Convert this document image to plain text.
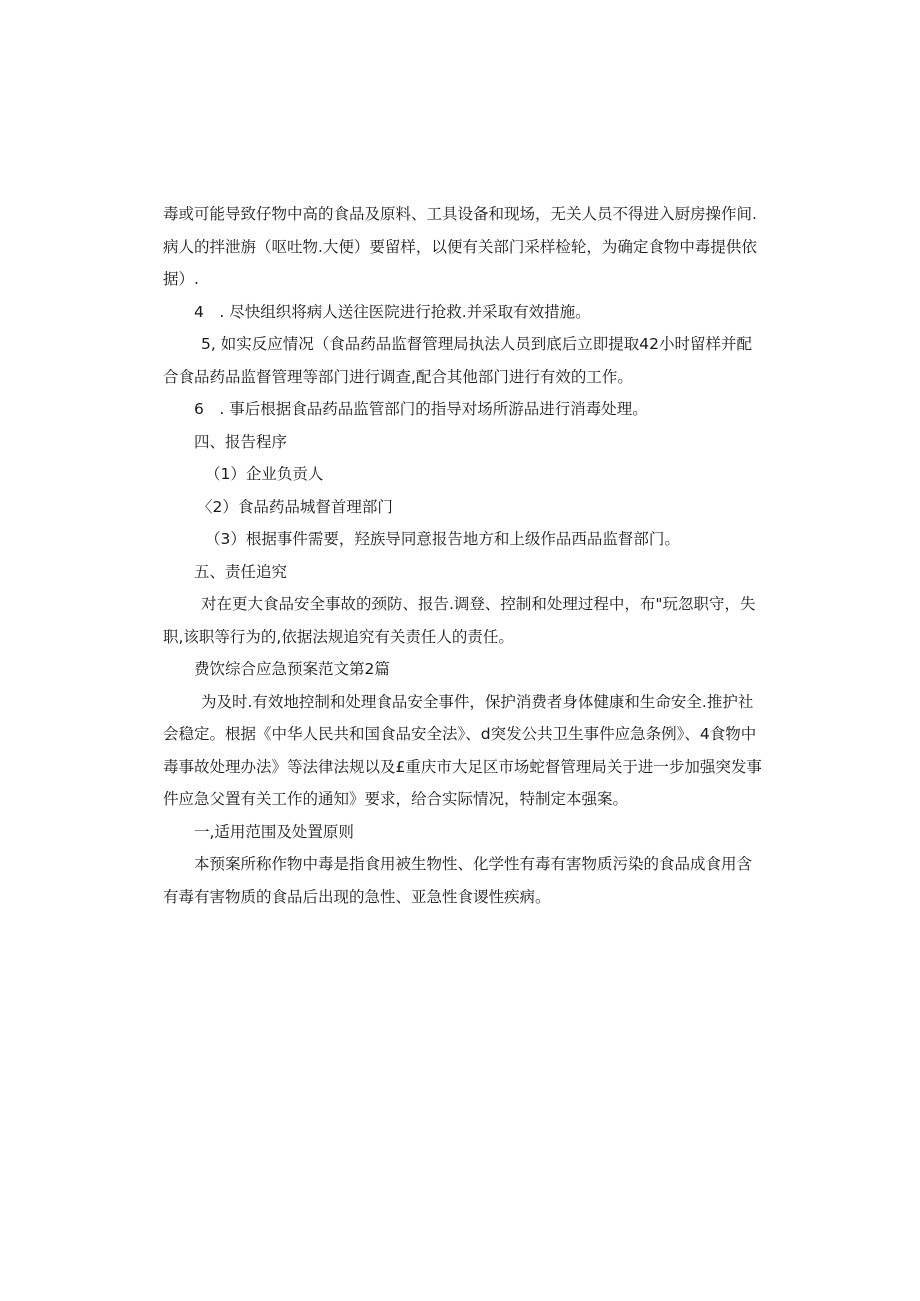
毒或可能导致仔物中高的食品及原料、工具设备和现场，无关人员不得进入厨房操作间.病人的拌泄旃（呕吐物.大便）要留样，以便有关部门采样检轮，为确定食物中毒提供依据）.

4　. 尽快组织将病人送往医院进行抢救.并采取有效措施。

5, 如实反应情况（食品药品监督管理局执法人员到底后立即提取42小时留样并配合食品药品监督管理等部门进行调查,配合其他部门进行有效的工作。

6　. 事后根据食品药品监管部门的指导对场所游品进行消毒处理。

四、报告程序

（1）企业负贡人

〈2）食品药品城督首理部门

（3）根据事件需要，羟族导同意报告地方和上级作品西品监督部门。

五、责任追究

对在更大食品安全事故的颈防、报告.调登、控制和处理过程中，布"玩忽职守，失职,该职等行为的,依据法规追究有关责任人的责任。

费饮综合应急预案范文第2篇

为及时.有效地控制和处理食品安全事件，保护消费者身体健康和生命安全.推护社会稳定。根据《中华人民共和国食品安全法》、d突发公共卫生事件应急条例》、4食物中毒事故处理办法》等法律法规以及£重庆市大足区市场蛇督管理局关于进一步加强突发事件应急父置有关工作的通知》要求，给合实际情况，特制定本强案。

一,适用范围及处置原则

本预案所称作物中毒是指食用被生物性、化学性有毒有害物质污染的食品成食用含有毒有害物质的食品后出现的急性、亚急性食谡性疾病。
